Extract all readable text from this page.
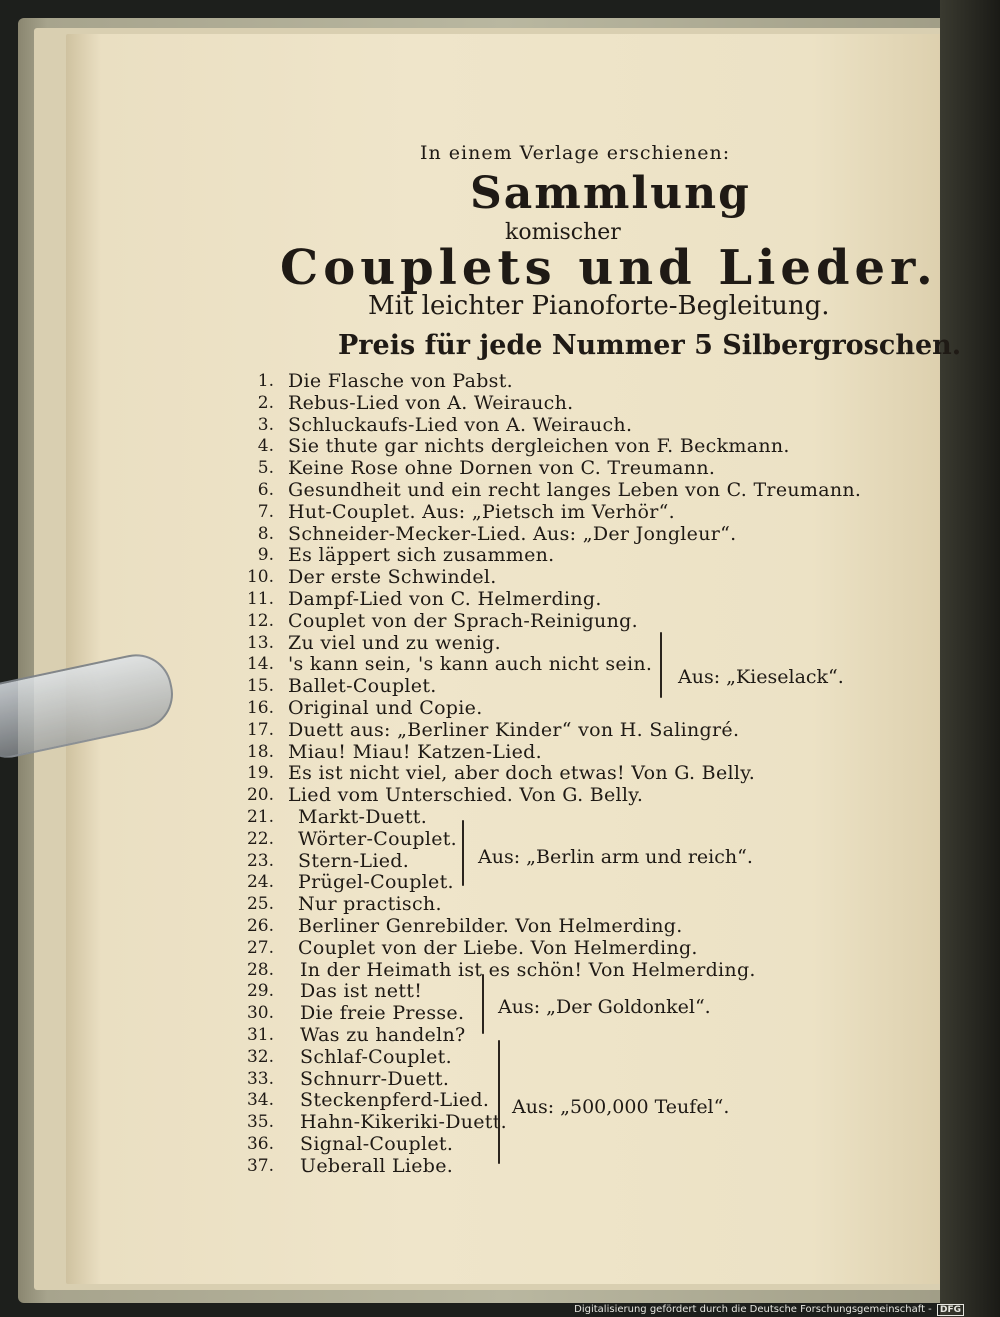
In einem Verlage erschienen:
Sammlung
komischer
Couplets und Lieder.
Mit leichter Pianoforte-Begleitung.
Preis für jede Nummer 5 Silbergroschen.
1. Die Flasche von Pabst.
2. Rebus-Lied von A. Weirauch.
3. Schluckaufs-Lied von A. Weirauch.
4. Sie thute gar nichts dergleichen von F. Beckmann.
5. Keine Rose ohne Dornen von C. Treumann.
6. Gesundheit und ein recht langes Leben von C. Treumann.
7. Hut-Couplet. Aus: „Pietsch im Verhör“.
8. Schneider-Mecker-Lied. Aus: „Der Jongleur“.
9. Es läppert sich zusammen.
10. Der erste Schwindel.
11. Dampf-Lied von C. Helmerding.
12. Couplet von der Sprach-Reinigung.
13. Zu viel und zu wenig.
14. 's kann sein, 's kann auch nicht sein.
15. Ballet-Couplet.
16. Original und Copie.
17. Duett aus: „Berliner Kinder“ von H. Salingré.
18. Miau! Miau! Katzen-Lied.
19. Es ist nicht viel, aber doch etwas! Von G. Belly.
20. Lied vom Unterschied. Von G. Belly.
21. Markt-Duett.
22. Wörter-Couplet.
23. Stern-Lied.
24. Prügel-Couplet.
25. Nur practisch.
26. Berliner Genrebilder. Von Helmerding.
27. Couplet von der Liebe. Von Helmerding.
28. In der Heimath ist es schön! Von Helmerding.
29. Das ist nett!
30. Die freie Presse.
31. Was zu handeln?
32. Schlaf-Couplet.
33. Schnurr-Duett.
34. Steckenpferd-Lied.
35. Hahn-Kikeriki-Duett.
36. Signal-Couplet.
37. Ueberall Liebe.
Aus: „Kieselack“.
Aus: „Berlin arm und reich“.
Aus: „Der Goldonkel“.
Aus: „500,000 Teufel“.
Digitalisierung gefördert durch die Deutsche Forschungsgemeinschaft - DFG
